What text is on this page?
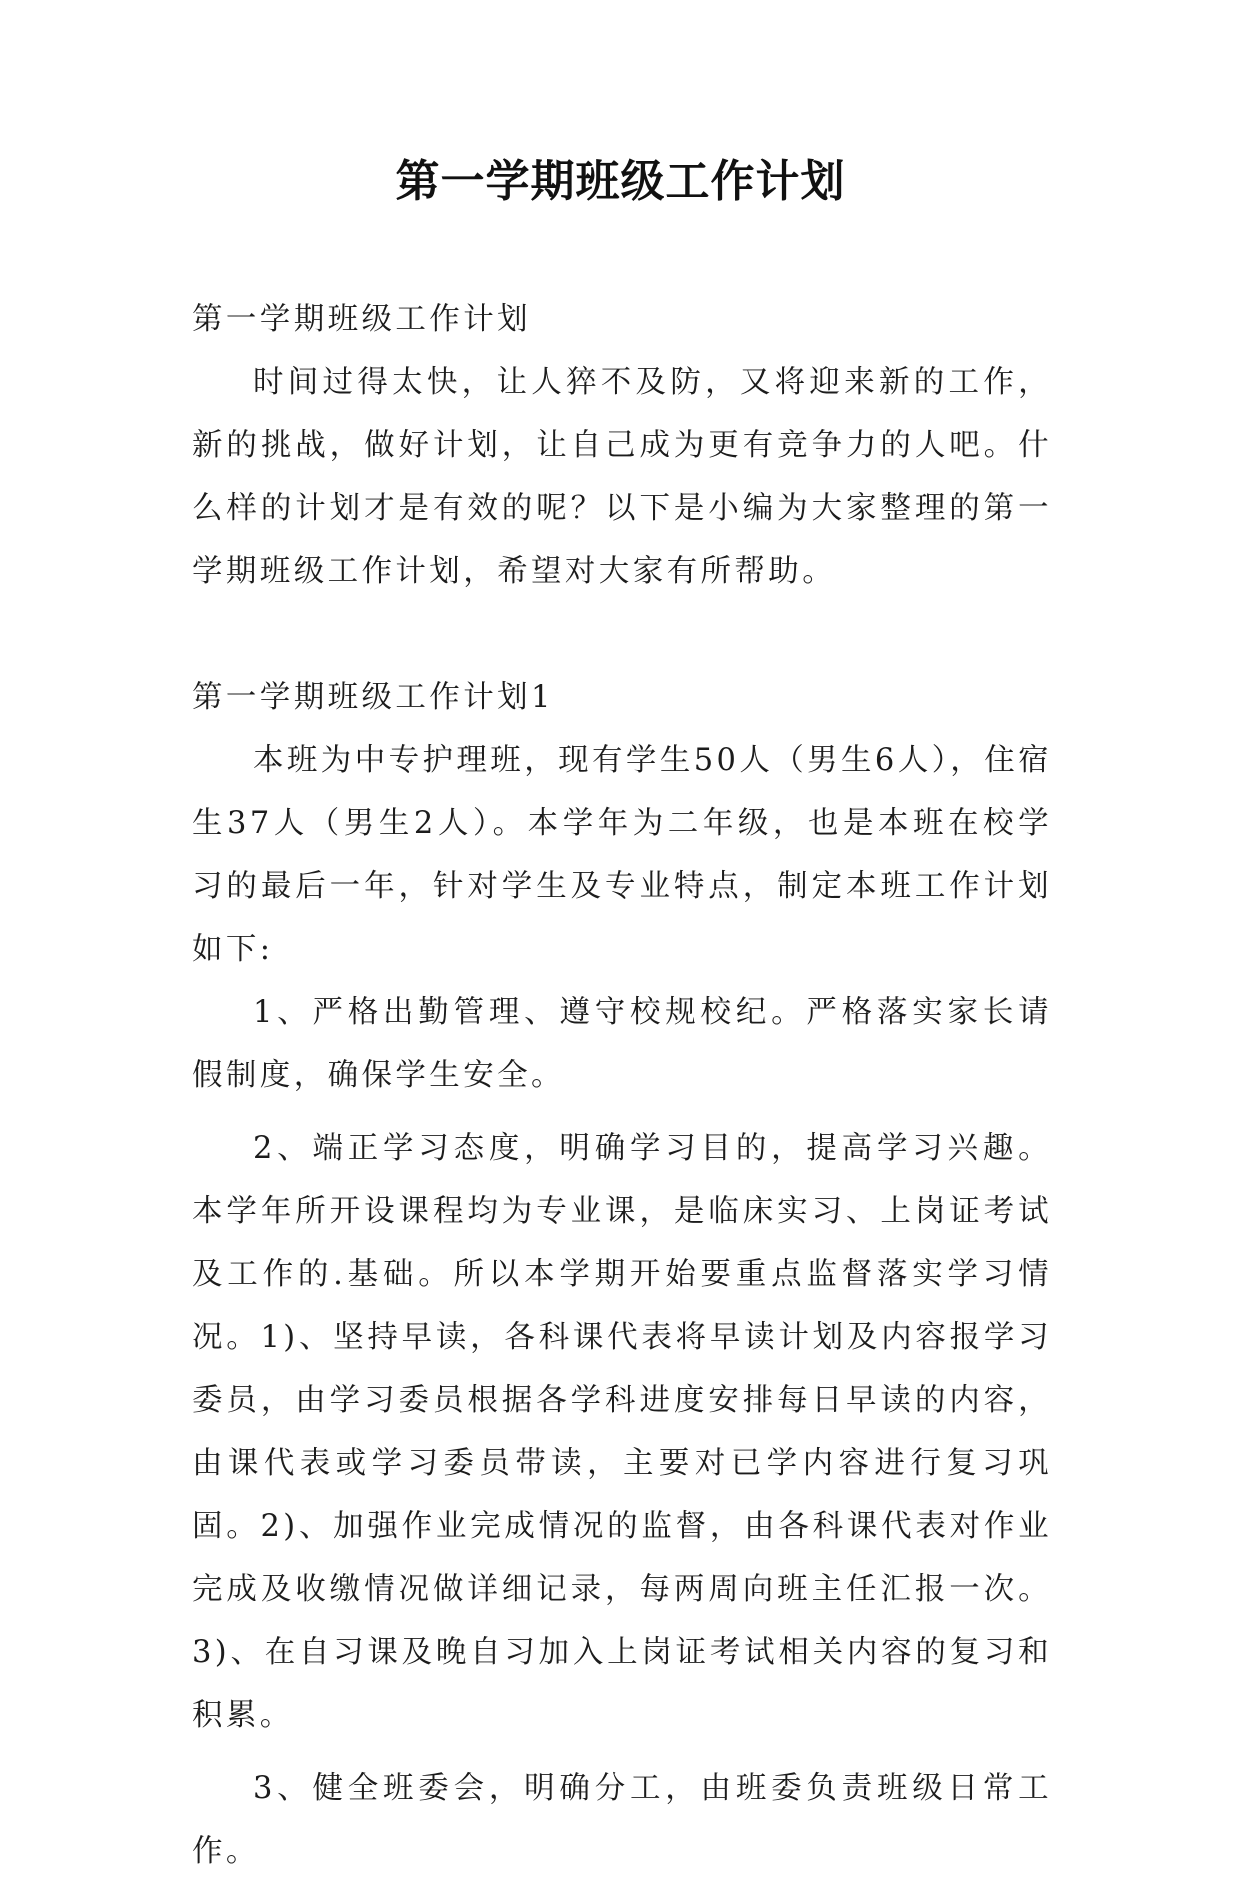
第一学期班级工作计划

第一学期班级工作计划

时间过得太快，让人猝不及防，又将迎来新的工作，新的挑战，做好计划，让自己成为更有竞争力的人吧。什么样的计划才是有效的呢？以下是小编为大家整理的第一学期班级工作计划，希望对大家有所帮助。

第一学期班级工作计划1

本班为中专护理班，现有学生50人（男生6人），住宿生37人（男生2人）。本学年为二年级，也是本班在校学习的最后一年，针对学生及专业特点，制定本班工作计划如下:

1、严格出勤管理、遵守校规校纪。严格落实家长请假制度，确保学生安全。

2、端正学习态度，明确学习目的，提高学习兴趣。本学年所开设课程均为专业课，是临床实习、上岗证考试及工作的.基础。所以本学期开始要重点监督落实学习情况。1)、坚持早读，各科课代表将早读计划及内容报学习委员，由学习委员根据各学科进度安排每日早读的内容，由课代表或学习委员带读，主要对已学内容进行复习巩固。2)、加强作业完成情况的监督，由各科课代表对作业完成及收缴情况做详细记录，每两周向班主任汇报一次。3)、在自习课及晚自习加入上岗证考试相关内容的复习和积累。

3、健全班委会，明确分工，由班委负责班级日常工作。
